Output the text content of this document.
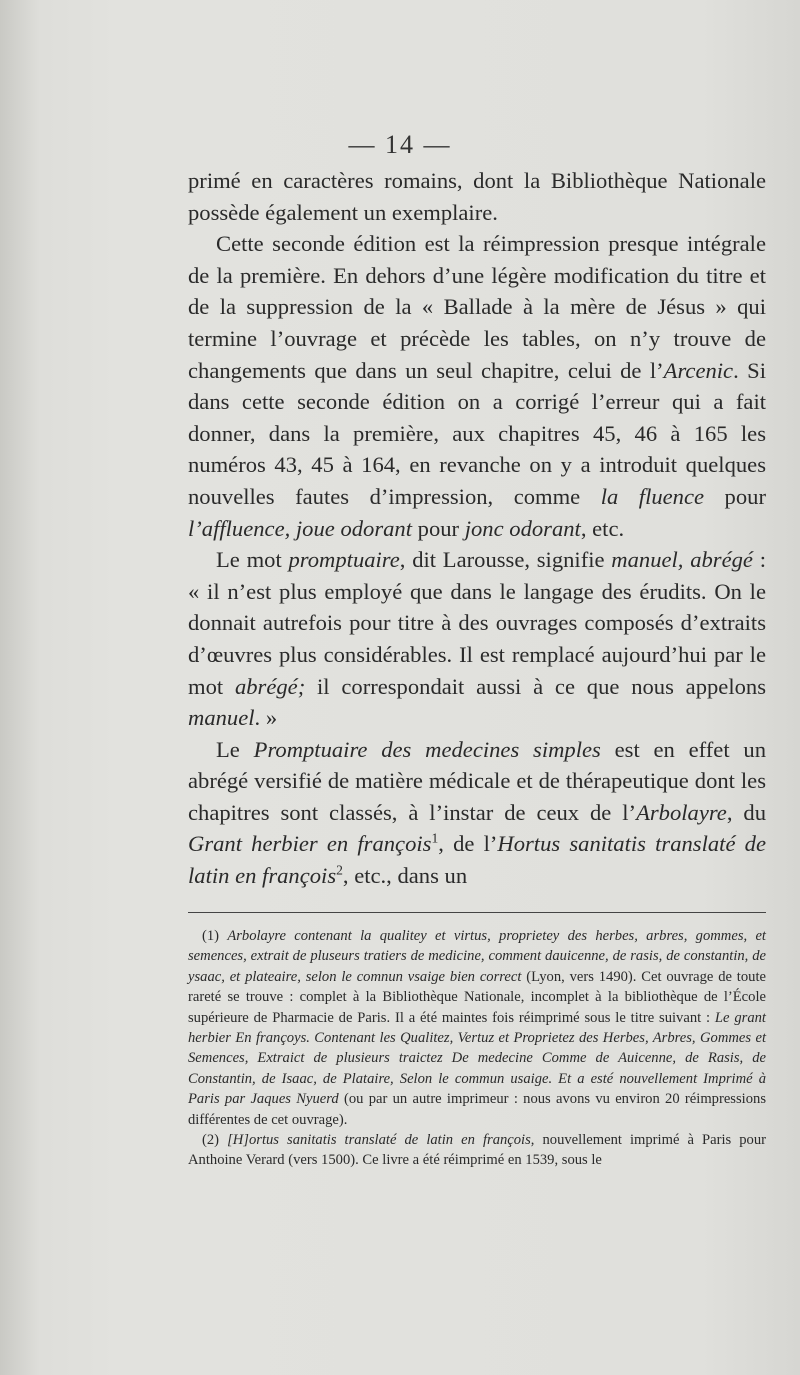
— 14 —

primé en caractères romains, dont la Bibliothèque Nationale possède également un exemplaire.

Cette seconde édition est la réimpression presque intégrale de la première. En dehors d’une légère modification du titre et de la suppression de la « Ballade à la mère de Jésus » qui termine l’ouvrage et précède les tables, on n’y trouve de changements que dans un seul chapitre, celui de l’Arcenic. Si dans cette seconde édition on a corrigé l’erreur qui a fait donner, dans la première, aux chapitres 45, 46 à 165 les numéros 43, 45 à 164, en revanche on y a introduit quelques nouvelles fautes d’impression, comme la fluence pour l’affluence, joue odorant pour jonc odorant, etc.

Le mot promptuaire, dit Larousse, signifie manuel, abrégé : « il n’est plus employé que dans le langage des érudits. On le donnait autrefois pour titre à des ouvrages composés d’extraits d’œuvres plus considérables. Il est remplacé aujourd’hui par le mot abrégé; il correspondait aussi à ce que nous appelons manuel. »

Le Promptuaire des medecines simples est en effet un abrégé versifié de matière médicale et de thérapeutique dont les chapitres sont classés, à l’instar de ceux de l’Arbolayre, du Grant herbier en françois$^1$, de l’Hortus sanitatis translaté de latin en françois$^2$, etc., dans un

(1) Arbolayre contenant la qualitey et virtus, proprietey des herbes, arbres, gommes, et semences, extrait de pluseurs tratiers de medicine, comment dauicenne, de rasis, de constantin, de ysaac, et plateaire, selon le comnun vsaige bien correct (Lyon, vers 1490). Cet ouvrage de toute rareté se trouve : complet à la Bibliothèque Nationale, incomplet à la bibliothèque de l’École supérieure de Pharmacie de Paris. Il a été maintes fois réimprimé sous le titre suivant : Le grant herbier En françoys. Contenant les Qualitez, Vertuz et Proprietez des Herbes, Arbres, Gommes et Semences, Extraict de plusieurs traictez De medecine Comme de Auicenne, de Rasis, de Constantin, de Isaac, de Plataire, Selon le commun usaige. Et a esté nouvellement Imprimé à Paris par Jaques Nyuerd (ou par un autre imprimeur : nous avons vu environ 20 réimpressions différentes de cet ouvrage).

(2) [H]ortus sanitatis translaté de latin en françois, nouvellement imprimé à Paris pour Anthoine Verard (vers 1500). Ce livre a été réimprimé en 1539, sous le
